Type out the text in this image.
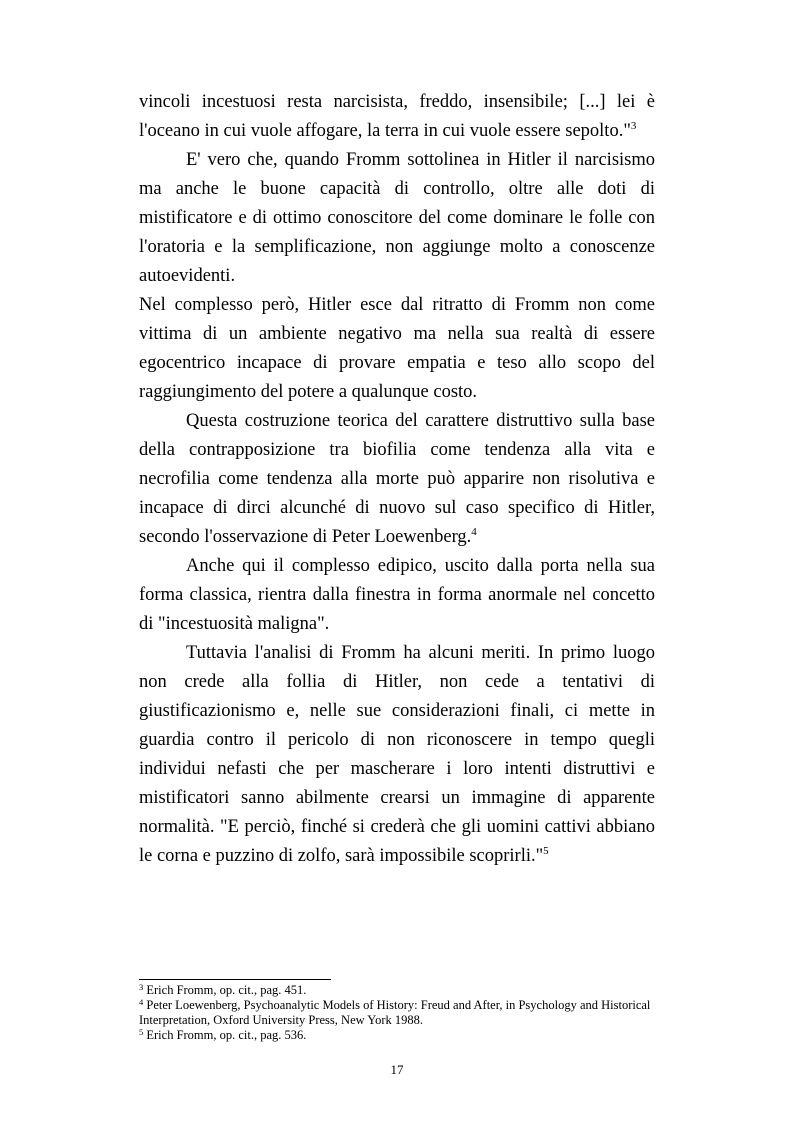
vincoli incestuosi resta narcisista, freddo, insensibile; [...] lei è l'oceano in cui vuole affogare, la terra in cui vuole essere sepolto."$^3$

E' vero che, quando Fromm sottolinea in Hitler il narcisismo ma anche le buone capacità di controllo, oltre alle doti di mistificatore e di ottimo conoscitore del come dominare le folle con l'oratoria e la semplificazione, non aggiunge molto a conoscenze autoevidenti.

Nel complesso però, Hitler esce dal ritratto di Fromm non come vittima di un ambiente negativo ma nella sua realtà di essere egocentrico incapace di provare empatia e teso allo scopo del raggiungimento del potere a qualunque costo.

Questa costruzione teorica del carattere distruttivo sulla base della contrapposizione tra biofilia come tendenza alla vita e necrofilia come tendenza alla morte può apparire non risolutiva e incapace di dirci alcunché di nuovo sul caso specifico di Hitler, secondo l'osservazione di Peter Loewenberg.$^4$

Anche qui il complesso edipico, uscito dalla porta nella sua forma classica, rientra dalla finestra in forma anormale nel concetto di "incestuosità maligna".

Tuttavia l'analisi di Fromm ha alcuni meriti. In primo luogo non crede alla follia di Hitler, non cede a tentativi di giustificazionismo e, nelle sue considerazioni finali, ci mette in guardia contro il pericolo di non riconoscere in tempo quegli individui nefasti che per mascherare i loro intenti distruttivi e mistificatori sanno abilmente crearsi un immagine di apparente normalità. "E perciò, finché si crederà che gli uomini cattivi abbiano le corna e puzzino di zolfo, sarà impossibile scoprirli."$^5$

$^3$ Erich Fromm, op. cit., pag. 451.

$^4$ Peter Loewenberg, Psychoanalytic Models of History: Freud and After, in Psychology and Historical Interpretation, Oxford University Press, New York 1988.

$^5$ Erich Fromm, op. cit., pag. 536.

17
